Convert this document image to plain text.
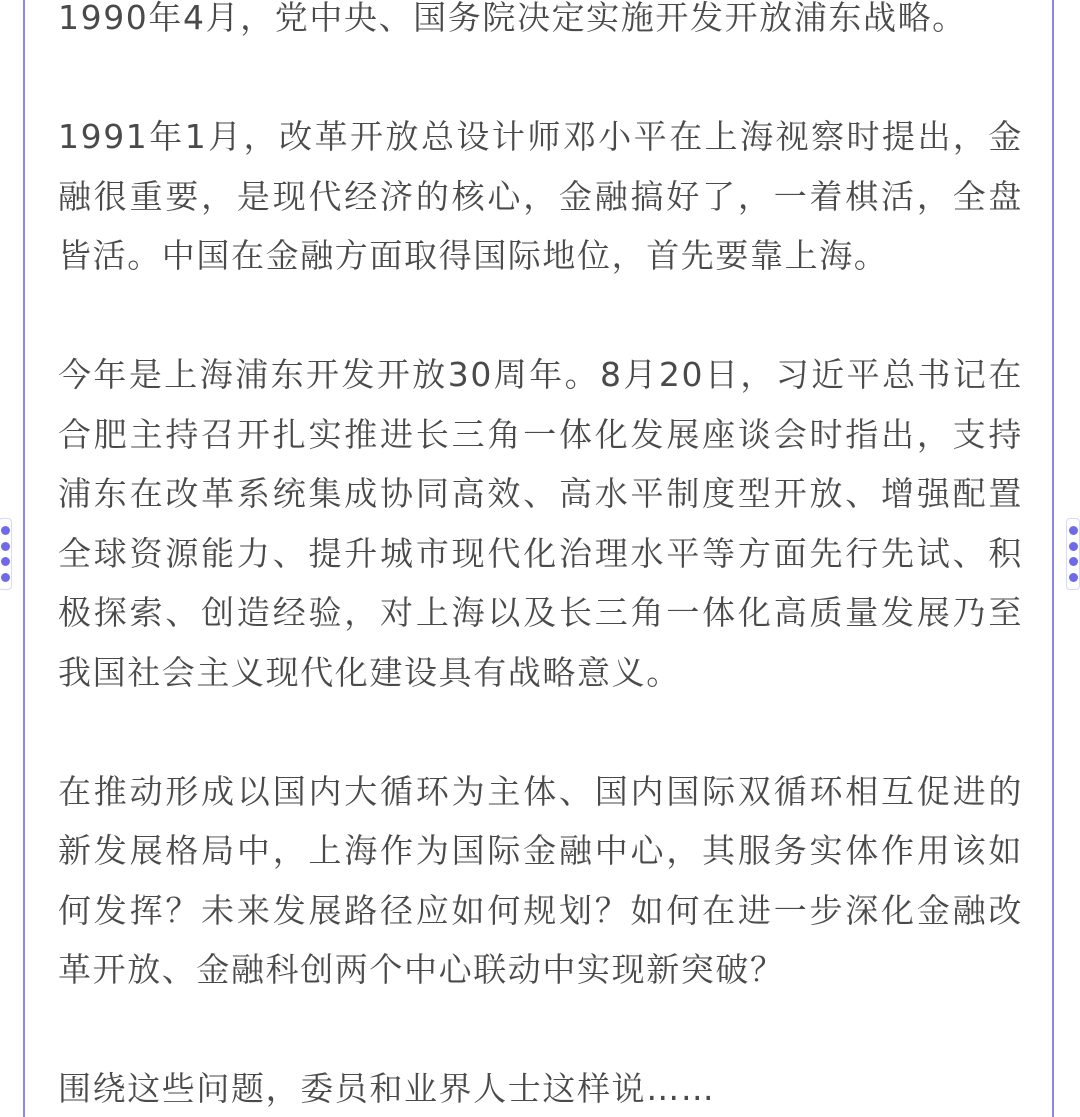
1990年4月，党中央、国务院决定实施开发开放浦东战略。

1991年1月，改革开放总设计师邓小平在上海视察时提出，金融很重要，是现代经济的核心，金融搞好了，一着棋活，全盘皆活。中国在金融方面取得国际地位，首先要靠上海。

今年是上海浦东开发开放30周年。8月20日，习近平总书记在合肥主持召开扎实推进长三角一体化发展座谈会时指出，支持浦东在改革系统集成协同高效、高水平制度型开放、增强配置全球资源能力、提升城市现代化治理水平等方面先行先试、积极探索、创造经验，对上海以及长三角一体化高质量发展乃至我国社会主义现代化建设具有战略意义。

在推动形成以国内大循环为主体、国内国际双循环相互促进的新发展格局中，上海作为国际金融中心，其服务实体作用该如何发挥？未来发展路径应如何规划？如何在进一步深化金融改革开放、金融科创两个中心联动中实现新突破？

围绕这些问题，委员和业界人士这样说……
